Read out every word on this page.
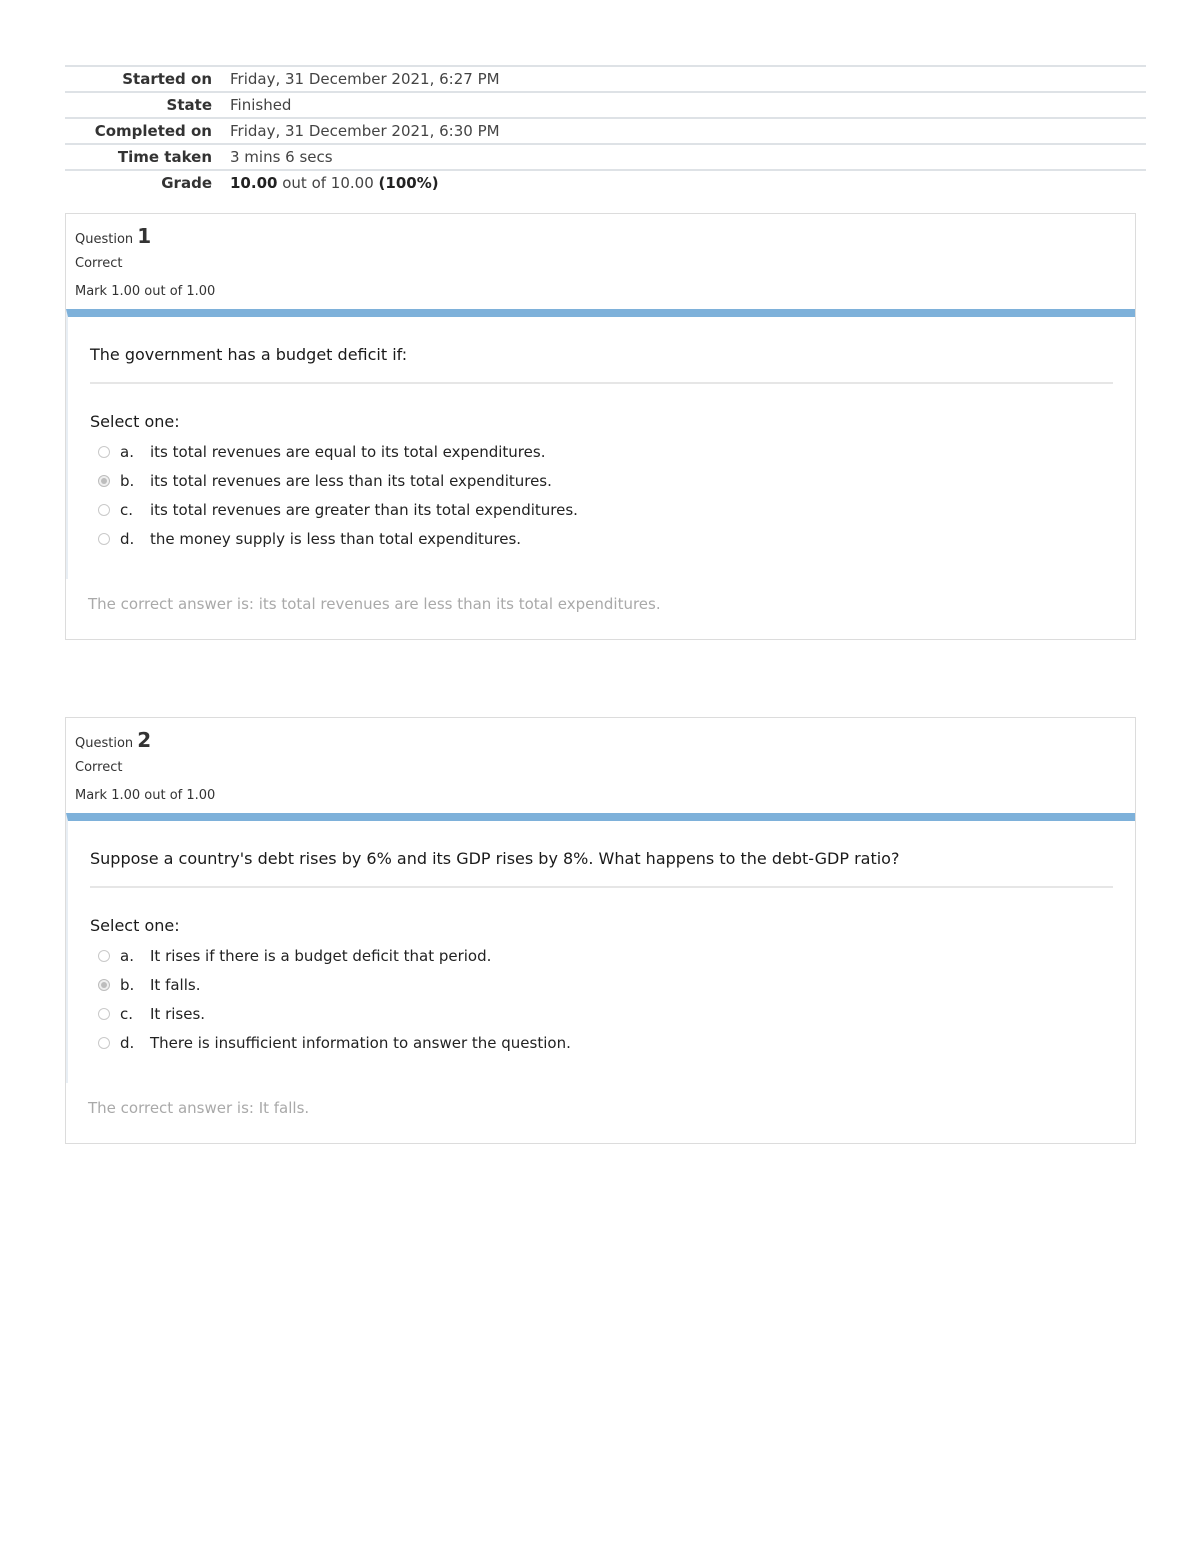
Started on	Friday, 31 December 2021, 6:27 PM
State	Finished
Completed on	Friday, 31 December 2021, 6:30 PM
Time taken	3 mins 6 secs
Grade	10.00 out of 10.00 (100%)
Question 1
Correct
Mark 1.00 out of 1.00
The government has a budget deficit if:
Select one:
a.	its total revenues are equal to its total expenditures.
b.	its total revenues are less than its total expenditures.
c.	its total revenues are greater than its total expenditures.
d.	the money supply is less than total expenditures.
The correct answer is: its total revenues are less than its total expenditures.
Question 2
Correct
Mark 1.00 out of 1.00
Suppose a country's debt rises by 6% and its GDP rises by 8%. What happens to the debt-GDP ratio?
Select one:
a.	It rises if there is a budget deficit that period.
b.	It falls.
c.	It rises.
d.	There is insufficient information to answer the question.
The correct answer is: It falls.
